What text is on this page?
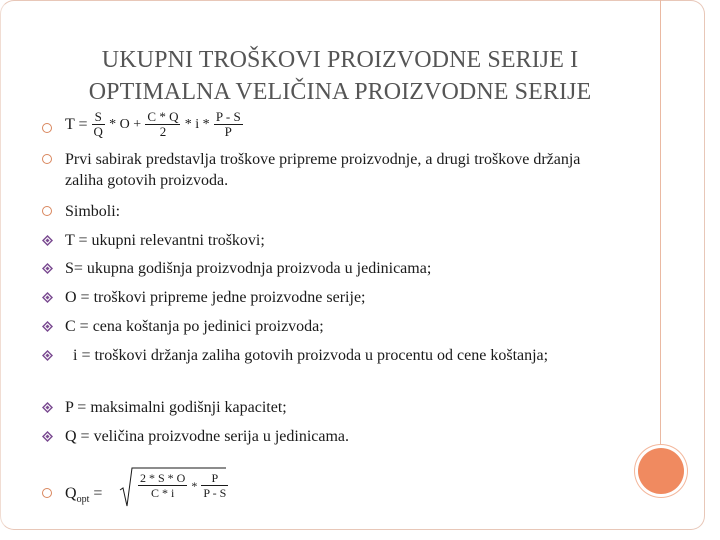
UKUPNI TROŠKOVI PROIZVODNE SERIJE I
OPTIMALNA VELIČINA PROIZVODNE SERIJE
$T = \frac{S}{Q} * O + \frac{C * Q}{2} * i * \frac{P - S}{P}$
Prvi sabirak predstavlja troškove pripreme proizvodnje, a drugi troškove držanja zaliha gotovih proizvoda.
Simboli:
T = ukupni relevantni troškovi;
S= ukupna godišnja proizvodnja proizvoda u jedinicama;
O = troškovi pripreme jedne proizvodne serije;
C = cena koštanja po jedinici proizvoda;
i = troškovi držanja zaliha gotovih proizvoda u procentu od cene koštanja;
P = maksimalni godišnji kapacitet;
Q = veličina proizvodne serija u jedinicama.
$Q_{opt}$ =	$\frac{2 * S * O}{C * i} * \frac{P}{P - S}$
